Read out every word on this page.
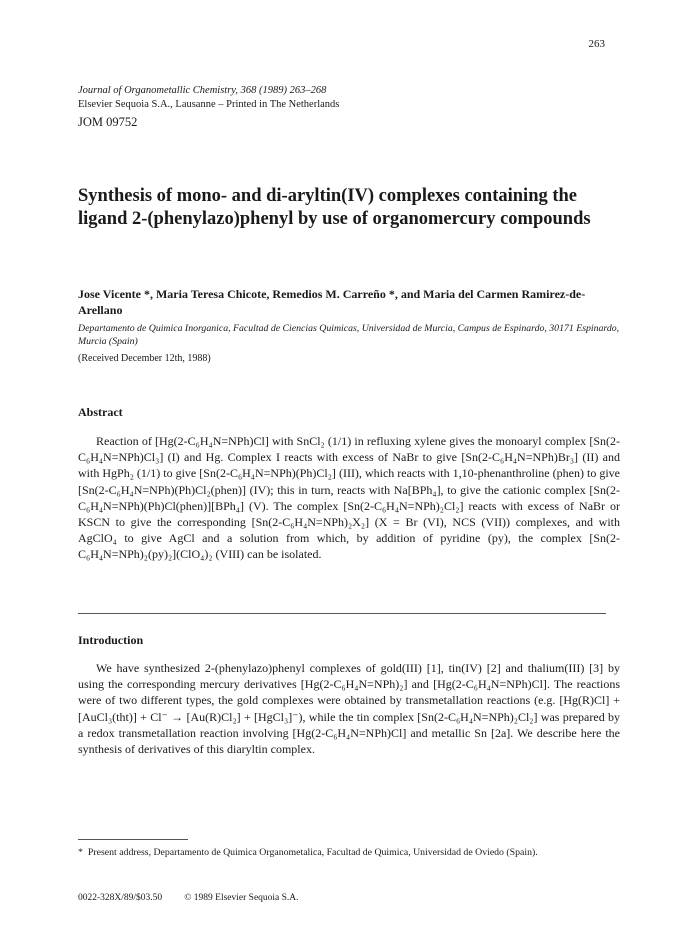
263
Journal of Organometallic Chemistry, 368 (1989) 263–268
Elsevier Sequoia S.A., Lausanne – Printed in The Netherlands
JOM 09752
Synthesis of mono- and di-aryltin(IV) complexes containing the ligand 2-(phenylazo)phenyl by use of organomercury compounds
Jose Vicente *, Maria Teresa Chicote, Remedios M. Carreño *, and Maria del Carmen Ramirez-de-Arellano
Departamento de Quimica Inorganica, Facultad de Ciencias Quimicas, Universidad de Murcia, Campus de Espinardo, 30171 Espinardo, Murcia (Spain)
(Received December 12th, 1988)
Abstract

Reaction of [Hg(2-C₆H₄N=NPh)Cl] with SnCl₂ (1/1) in refluxing xylene gives the monoaryl complex [Sn(2-C₆H₄N=NPh)Cl₃] (I) and Hg. Complex I reacts with excess of NaBr to give [Sn(2-C₆H₄N=NPh)Br₃] (II) and with HgPh₂ (1/1) to give [Sn(2-C₆H₄N=NPh)(Ph)Cl₂] (III), which reacts with 1,10-phenanthroline (phen) to give [Sn(2-C₆H₄N=NPh)(Ph)Cl₂(phen)] (IV); this in turn, reacts with Na[BPh₄], to give the cationic complex [Sn(2-C₆H₄N=NPh)(Ph)Cl(phen)][BPh₄] (V). The complex [Sn(2-C₆H₄N=NPh)₂Cl₂] reacts with excess of NaBr or KSCN to give the corresponding [Sn(2-C₆H₄N=NPh)₂X₂] (X = Br (VI), NCS (VII)) complexes, and with AgClO₄ to give AgCl and a solution from which, by addition of pyridine (py), the complex [Sn(2-C₆H₄N=NPh)₂(py)₂](ClO₄)₂ (VIII) can be isolated.

Introduction

We have synthesized 2-(phenylazo)phenyl complexes of gold(III) [1], tin(IV) [2] and thalium(III) [3] by using the corresponding mercury derivatives [Hg(2-C₆H₄N=NPh)₂] and [Hg(2-C₆H₄N=NPh)Cl]. The reactions were of two different types, the gold complexes were obtained by transmetallation reactions (e.g. [Hg(R)Cl] + [AuCl₃(tht)] + Cl⁻ → [Au(R)Cl₂] + [HgCl₃]⁻), while the tin complex [Sn(2-C₆H₄N=NPh)₂Cl₂] was prepared by a redox transmetallation reaction involving [Hg(2-C₆H₄N=NPh)Cl] and metallic Sn [2a]. We describe here the synthesis of derivatives of this diaryltin complex.

* Present address, Departamento de Quimica Organometalica, Facultad de Quimica, Universidad de Oviedo (Spain).
0022-328X/89/$03.50 © 1989 Elsevier Sequoia S.A.
